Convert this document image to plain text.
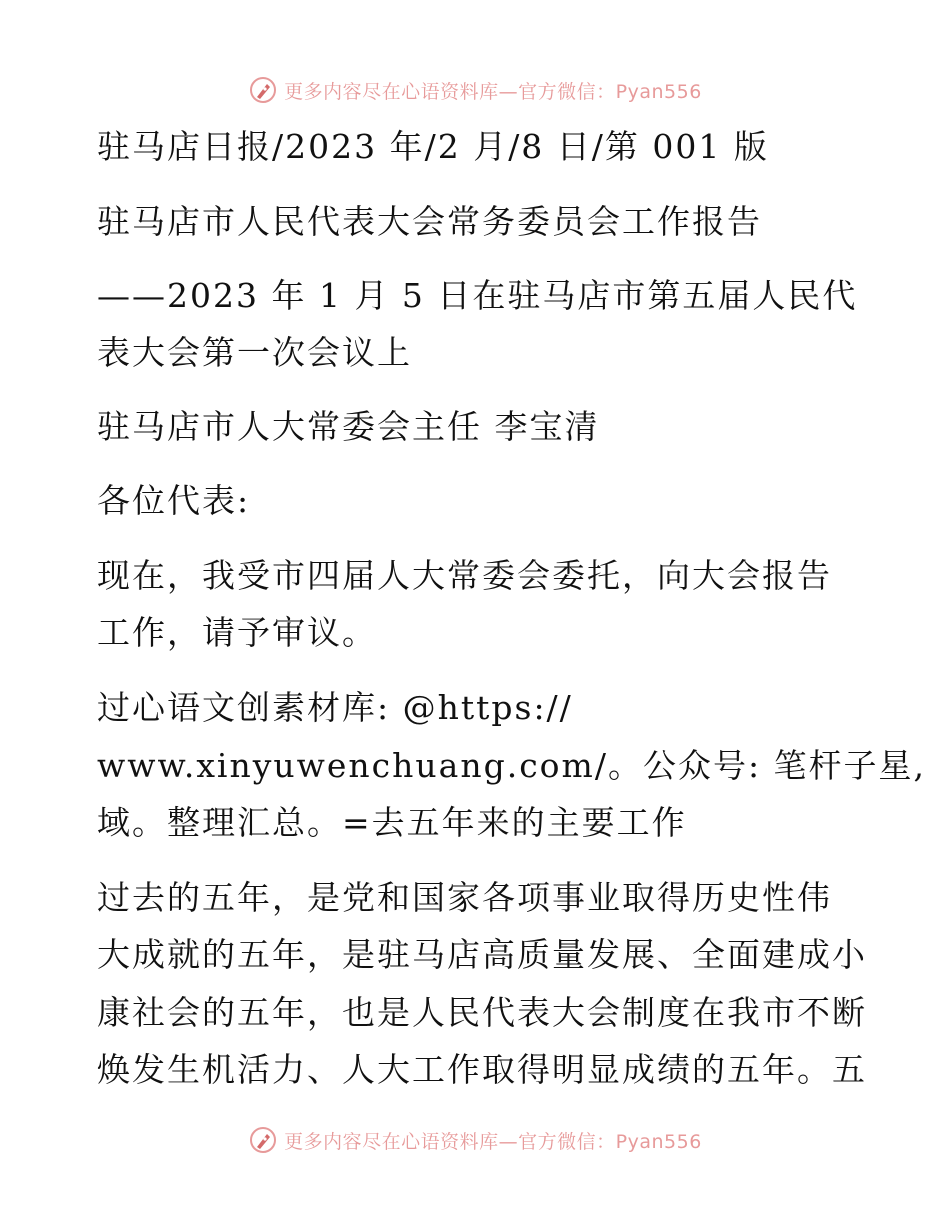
更多内容尽在心语资料库—官方微信：Pyan556
驻马店日报/2023 年/2 月/8 日/第 001 版
驻马店市人民代表大会常务委员会工作报告
——2023 年 1 月 5 日在驻马店市第五届人民代
表大会第一次会议上
驻马店市人大常委会主任 李宝清
各位代表:
现在，我受市四届人大常委会委托，向大会报告
工作，请予审议。
过心语文创素材库: @https://
www.xinyuwenchuang.com/。公众号: 笔杆子星,
域。整理汇总。=去五年来的主要工作
过去的五年，是党和国家各项事业取得历史性伟
大成就的五年，是驻马店高质量发展、全面建成小
康社会的五年，也是人民代表大会制度在我市不断
焕发生机活力、人大工作取得明显成绩的五年。五
更多内容尽在心语资料库—官方微信：Pyan556
